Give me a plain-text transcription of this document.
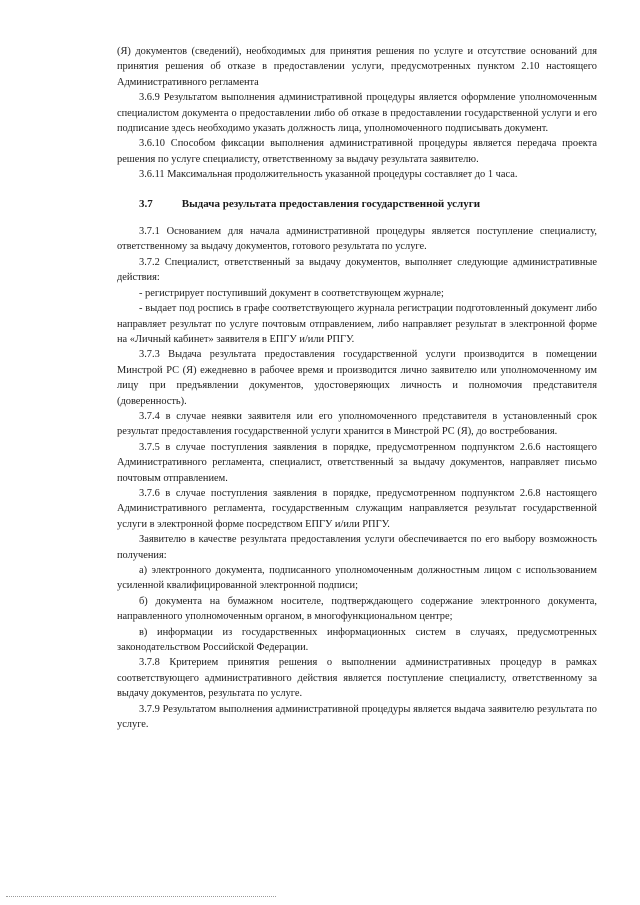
(Я) документов (сведений), необходимых для принятия решения по услуге и отсутствие оснований для принятия решения об отказе в предоставлении услуги, предусмотренных пунктом 2.10 настоящего Административного регламента

3.6.9 Результатом выполнения административной процедуры является оформление уполномоченным специалистом документа о предоставлении либо об отказе в предоставлении государственной услуги и его подписание здесь необходимо указать должность лица, уполномоченного подписывать документ.

3.6.10 Способом фиксации выполнения административной процедуры является передача проекта решения по услуге специалисту, ответственному за выдачу результата заявителю.

3.6.11 Максимальная продолжительность указанной процедуры составляет до 1 часа.

3.7	Выдача результата предоставления государственной услуги

3.7.1 Основанием для начала административной процедуры является поступление специалисту, ответственному за выдачу документов, готового результата по услуге.

3.7.2 Специалист, ответственный за выдачу документов, выполняет следующие административные действия:

- регистрирует поступивший документ в соответствующем журнале;

- выдает под роспись в графе соответствующего журнала регистрации подготовленный документ либо направляет результат по услуге почтовым отправлением, либо направляет результат в электронной форме на «Личный кабинет» заявителя в ЕПГУ и/или РПГУ.

3.7.3 Выдача результата предоставления государственной услуги производится в помещении Минстрой РС (Я) ежедневно в рабочее время и производится лично заявителю или уполномоченному им лицу при предъявлении документов, удостоверяющих личность и полномочия представителя (доверенность).

3.7.4 в случае неявки заявителя или его уполномоченного представителя в установленный срок результат предоставления государственной услуги хранится в Минстрой РС (Я), до востребования.

3.7.5 в случае поступления заявления в порядке, предусмотренном подпунктом 2.6.6 настоящего Административного регламента, специалист, ответственный за выдачу документов, направляет письмо почтовым отправлением.

3.7.6 в случае поступления заявления в порядке, предусмотренном подпунктом 2.6.8 настоящего Административного регламента, государственным служащим направляется результат государственной услуги в электронной форме посредством ЕПГУ и/или РПГУ.

Заявителю в качестве результата предоставления услуги обеспечивается по его выбору возможность получения:

а) электронного документа, подписанного уполномоченным должностным лицом с использованием усиленной квалифицированной электронной подписи;

б) документа на бумажном носителе, подтверждающего содержание электронного документа, направленного уполномоченным органом, в многофункциональном центре;

в) информации из государственных информационных систем в случаях, предусмотренных законодательством Российской Федерации.

3.7.8 Критерием принятия решения о выполнении административных процедур в рамках соответствующего административного действия является поступление специалисту, ответственному за выдачу документов, результата по услуге.

3.7.9 Результатом выполнения административной процедуры является выдача заявителю результата по услуге.
